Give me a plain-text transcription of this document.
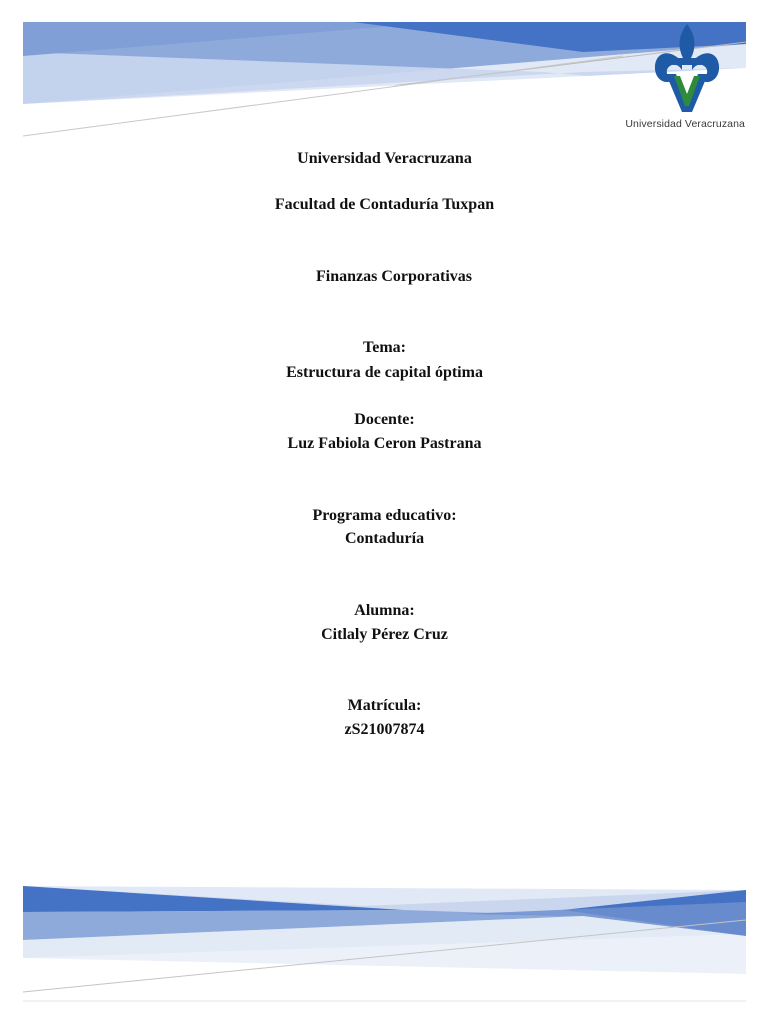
Universidad Veracruzana
Universidad Veracruzana
Facultad de Contaduría Tuxpan
Finanzas Corporativas
Tema:
Estructura de capital óptima
Docente:
Luz Fabiola Ceron Pastrana
Programa educativo:
Contaduría
Alumna:
Citlaly Pérez Cruz
Matrícula:
zS21007874
